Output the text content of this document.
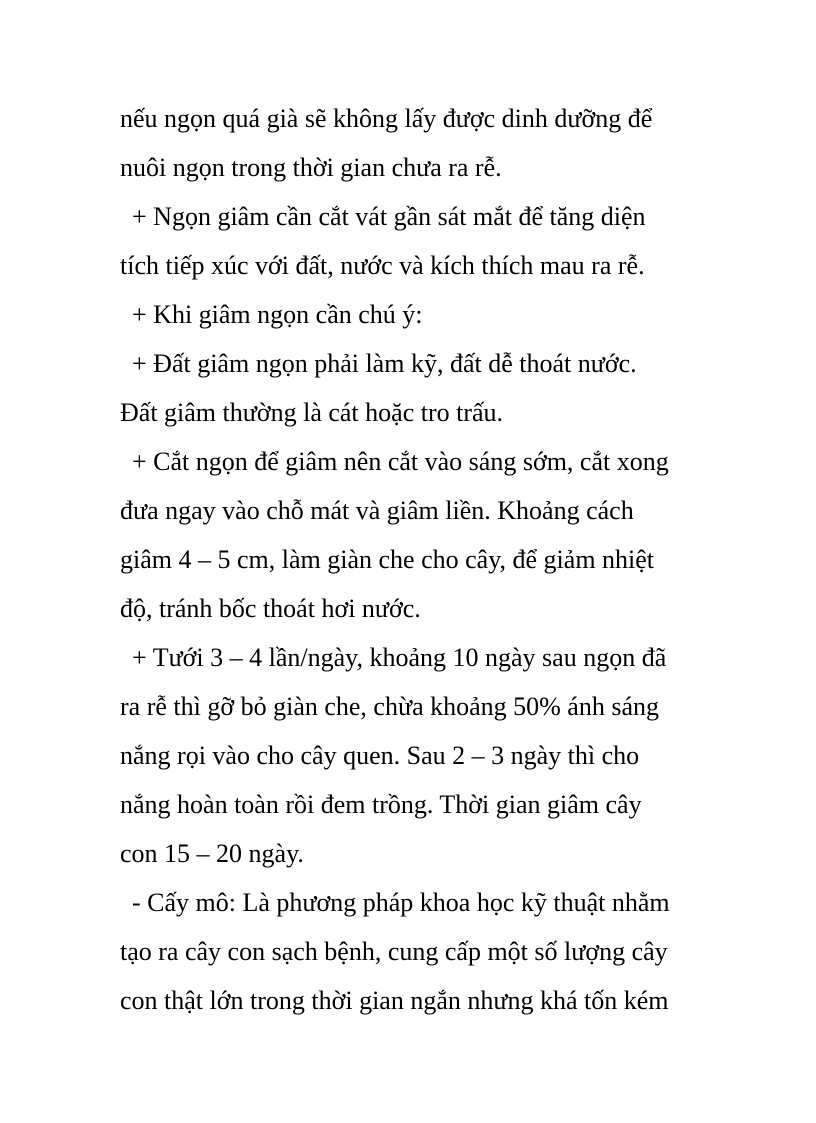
nếu ngọn quá già sẽ không lấy được dinh dưỡng để
nuôi ngọn trong thời gian chưa ra rễ.
+ Ngọn giâm cần cắt vát gần sát mắt để tăng diện
tích tiếp xúc với đất, nước và kích thích mau ra rễ.
+ Khi giâm ngọn cần chú ý:
+ Đất giâm ngọn phải làm kỹ, đất dễ thoát nước.
Đất giâm thường là cát hoặc tro trấu.
+ Cắt ngọn để giâm nên cắt vào sáng sớm, cắt xong
đưa ngay vào chỗ mát và giâm liền. Khoảng cách
giâm 4 – 5 cm, làm giàn che cho cây, để giảm nhiệt
độ, tránh bốc thoát hơi nước.
+ Tưới 3 – 4 lần/ngày, khoảng 10 ngày sau ngọn đã
ra rễ thì gỡ bỏ giàn che, chừa khoảng 50% ánh sáng
nắng rọi vào cho cây quen. Sau 2 – 3 ngày thì cho
nắng hoàn toàn rồi đem trồng. Thời gian giâm cây
con 15 – 20 ngày.
- Cấy mô: Là phương pháp khoa học kỹ thuật nhằm
tạo ra cây con sạch bệnh, cung cấp một số lượng cây
con thật lớn trong thời gian ngắn nhưng khá tốn kém
